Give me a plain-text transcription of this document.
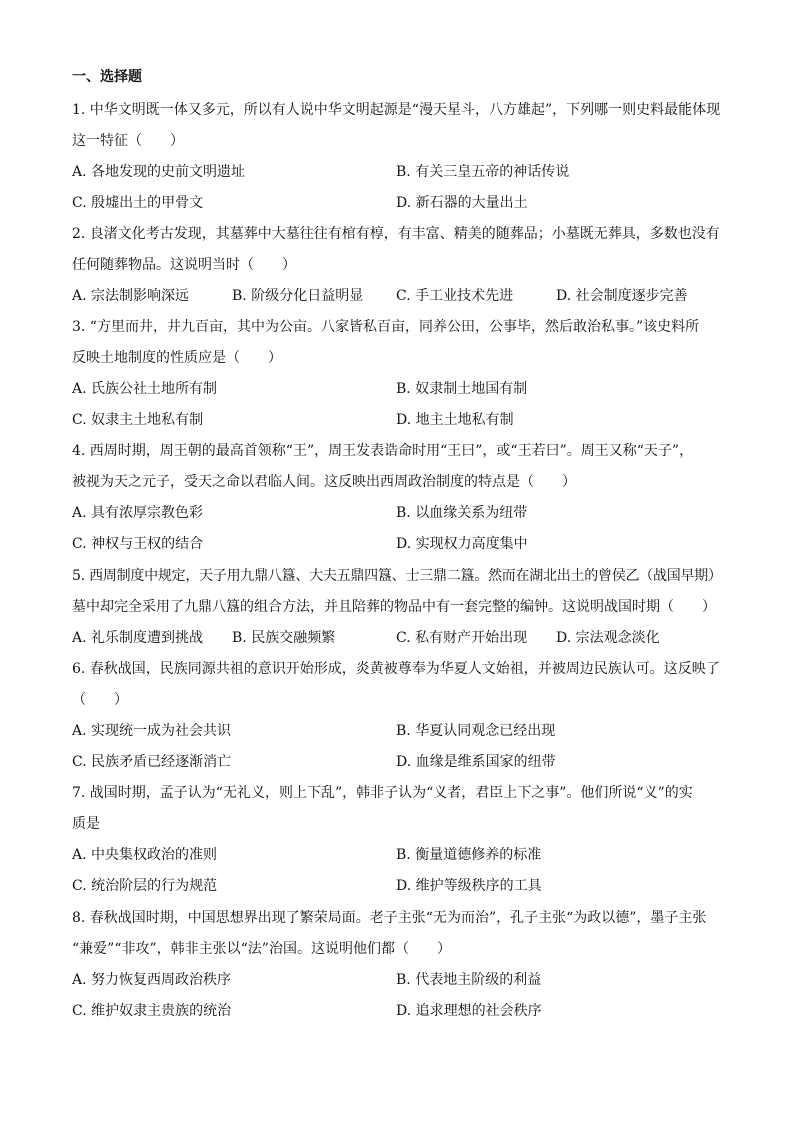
一、选择题
1. 中华文明既一体又多元，所以有人说中华文明起源是“漫天星斗，八方雄起”，下列哪一则史料最能体现
这一特征（　　）
A. 各地发现的史前文明遗址	B. 有关三皇五帝的神话传说
C. 殷墟出土的甲骨文	D. 新石器的大量出土
2. 良渚文化考古发现，其墓葬中大墓往往有棺有椁，有丰富、精美的随葬品；小墓既无葬具，多数也没有
任何随葬物品。这说明当时（　　）
A. 宗法制影响深远	B. 阶级分化日益明显 C. 手工业技术先进	D. 社会制度逐步完善
3. “方里而井，井九百亩，其中为公亩。八家皆私百亩，同养公田，公事毕，然后敢治私事。”该史料所
反映土地制度的性质应是（　　）
A. 氏族公社土地所有制	B. 奴隶制土地国有制
C. 奴隶主土地私有制	D. 地主土地私有制
4. 西周时期，周王朝的最高首领称“王”，周王发表诰命时用“王曰”，或“王若曰”。周王又称“天子”，
被视为天之元子，受天之命以君临人间。这反映出西周政治制度的特点是（　　）
A. 具有浓厚宗教色彩	B. 以血缘关系为纽带
C. 神权与王权的结合	D. 实现权力高度集中
5. 西周制度中规定，天子用九鼎八簋、大夫五鼎四簋、士三鼎二簋。然而在湖北出土的曾侯乙（战国早期）
墓中却完全采用了九鼎八簋的组合方法，并且陪葬的物品中有一套完整的编钟。这说明战国时期（　　）
A. 礼乐制度遭到挑战 B. 民族交融频繁	C. 私有财产开始出现 D. 宗法观念淡化
6. 春秋战国，民族同源共祖的意识开始形成，炎黄被尊奉为华夏人文始祖，并被周边民族认可。这反映了
（　　）
A. 实现统一成为社会共识	B. 华夏认同观念已经出现
C. 民族矛盾已经逐渐消亡	D. 血缘是维系国家的纽带
7. 战国时期，孟子认为“无礼义，则上下乱”，韩非子认为“义者，君臣上下之事”。他们所说“义”的实
质是
A. 中央集权政治的准则	B. 衡量道德修养的标准
C. 统治阶层的行为规范	D. 维护等级秩序的工具
8. 春秋战国时期，中国思想界出现了繁荣局面。老子主张“无为而治”，孔子主张“为政以德”，墨子主张
“兼爱”“非攻”，韩非主张以“法”治国。这说明他们都（　　）
A. 努力恢复西周政治秩序	B. 代表地主阶级的利益
C. 维护奴隶主贵族的统治	D. 追求理想的社会秩序
